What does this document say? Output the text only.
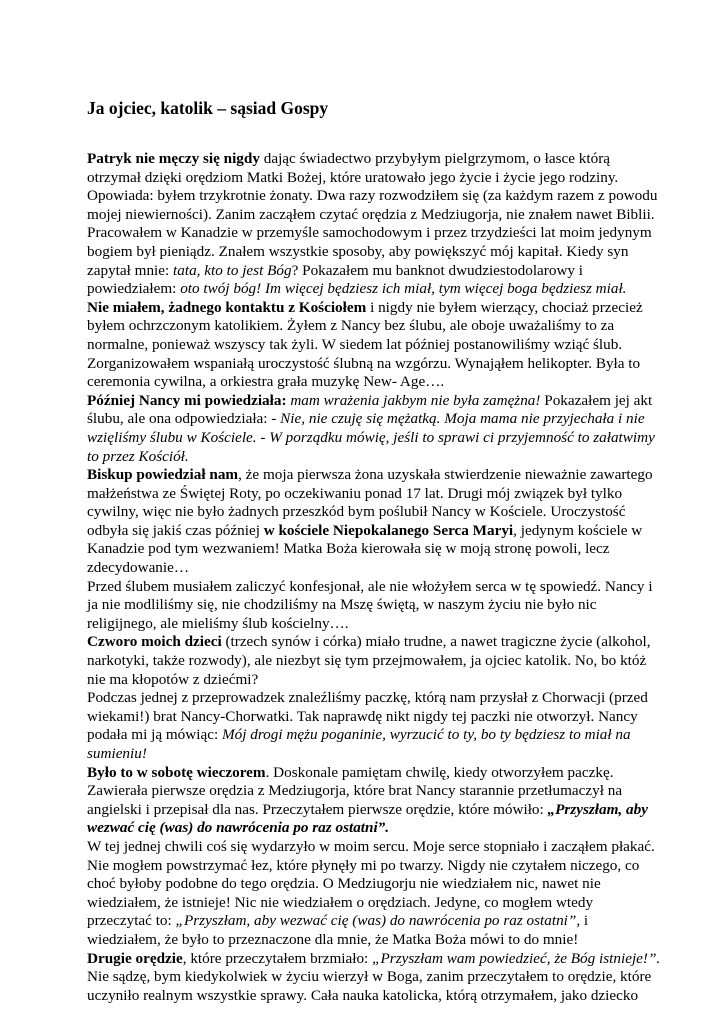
Ja ojciec, katolik – sąsiad Gospy
Patryk nie męczy się nigdy dając świadectwo przybyłym pielgrzymom, o łasce którą
otrzymał dzięki orędziom Matki Bożej, które uratowało jego życie i życie jego rodziny.
Opowiada: byłem trzykrotnie żonaty. Dwa razy rozwodziłem się (za każdym razem z powodu
mojej niewierności). Zanim zacząłem czytać orędzia z Medziugorja, nie znałem nawet Biblii.
Pracowałem w Kanadzie w przemyśle samochodowym i przez trzydzieści lat moim jedynym
bogiem był pieniądz. Znałem wszystkie sposoby, aby powiększyć mój kapitał. Kiedy syn
zapytał mnie: tata, kto to jest Bóg? Pokazałem mu banknot dwudziestodolarowy i
powiedziałem: oto twój bóg! Im więcej będziesz ich miał, tym więcej boga będziesz miał.
Nie miałem, żadnego kontaktu z Kościołem i nigdy nie byłem wierzący, chociaż przecież
byłem ochrzczonym katolikiem. Żyłem z Nancy bez ślubu, ale oboje uważaliśmy to za
normalne, ponieważ wszyscy tak żyli. W siedem lat później postanowiliśmy wziąć ślub.
Zorganizowałem wspaniałą uroczystość ślubną na wzgórzu. Wynająłem helikopter. Była to
ceremonia cywilna, a orkiestra grała muzykę New- Age….
Później Nancy mi powiedziała: mam wrażenia jakbym nie była zamężna! Pokazałem jej akt
ślubu, ale ona odpowiedziała: - Nie, nie czuję się mężatką. Moja mama nie przyjechała i nie
wzięliśmy ślubu w Kościele. - W porządku mówię, jeśli to sprawi ci przyjemność to załatwimy
to przez Kościół.
Biskup powiedział nam, że moja pierwsza żona uzyskała stwierdzenie nieważnie zawartego
małżeństwa ze Świętej Roty, po oczekiwaniu ponad 17 lat. Drugi mój związek był tylko
cywilny, więc nie było żadnych przeszkód bym poślubił Nancy w Kościele. Uroczystość
odbyła się jakiś czas później w kościele Niepokalanego Serca Maryi, jedynym kościele w
Kanadzie pod tym wezwaniem! Matka Boża kierowała się w moją stronę powoli, lecz
zdecydowanie…
Przed ślubem musiałem zaliczyć konfesjonał, ale nie włożyłem serca w tę spowiedź. Nancy i
ja nie modliliśmy się, nie chodziliśmy na Mszę świętą, w naszym życiu nie było nic
religijnego, ale mieliśmy ślub kościelny….
Czworo moich dzieci (trzech synów i córka) miało trudne, a nawet tragiczne życie (alkohol,
narkotyki, także rozwody), ale niezbyt się tym przejmowałem, ja ojciec katolik. No, bo któż
nie ma kłopotów z dziećmi?
Podczas jednej z przeprowadzek znaleźliśmy paczkę, którą nam przysłał z Chorwacji (przed
wiekami!) brat Nancy-Chorwatki. Tak naprawdę nikt nigdy tej paczki nie otworzył. Nancy
podała mi ją mówiąc: Mój drogi mężu poganinie, wyrzucić to ty, bo ty będziesz to miał na
sumieniu!
Było to w sobotę wieczorem. Doskonale pamiętam chwilę, kiedy otworzyłem paczkę.
Zawierała pierwsze orędzia z Medziugorja, które brat Nancy starannie przetłumaczył na
angielski i przepisał dla nas. Przeczytałem pierwsze orędzie, które mówiło: „Przyszłam, aby
wezwać cię (was) do nawrócenia po raz ostatni”.
W tej jednej chwili coś się wydarzyło w moim sercu. Moje serce stopniało i zacząłem płakać.
Nie mogłem powstrzymać łez, które płynęły mi po twarzy. Nigdy nie czytałem niczego, co
choć byłoby podobne do tego orędzia. O Medziugorju nie wiedziałem nic, nawet nie
wiedziałem, że istnieje! Nic nie wiedziałem o orędziach. Jedyne, co mogłem wtedy
przeczytać to: „Przyszłam, aby wezwać cię (was) do nawrócenia po raz ostatni”, i
wiedziałem, że było to przeznaczone dla mnie, że Matka Boża mówi to do mnie!
Drugie orędzie, które przeczytałem brzmiało: „Przyszłam wam powiedzieć, że Bóg istnieje!”.
Nie sądzę, bym kiedykolwiek w życiu wierzył w Boga, zanim przeczytałem to orędzie, które
uczyniło realnym wszystkie sprawy. Cała nauka katolicka, którą otrzymałem, jako dziecko
